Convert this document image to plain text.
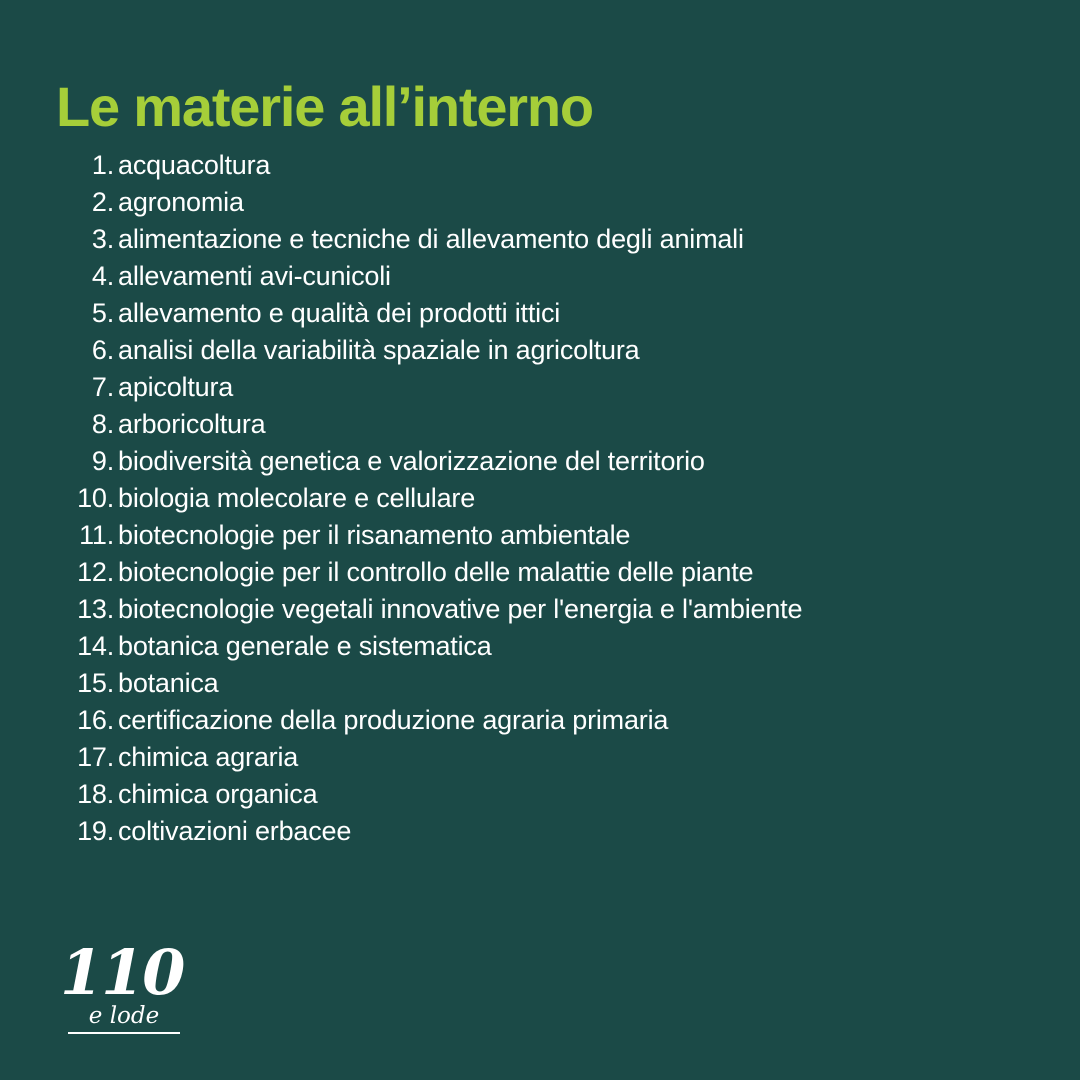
Le materie all’interno
1. acquacoltura
2. agronomia
3. alimentazione e tecniche di allevamento degli animali
4. allevamenti avi-cunicoli
5. allevamento e qualità dei prodotti ittici
6. analisi della variabilità spaziale in agricoltura
7. apicoltura
8. arboricoltura
9. biodiversità genetica e valorizzazione del territorio
10. biologia molecolare e cellulare
11. biotecnologie per il risanamento ambientale
12. biotecnologie per il controllo delle malattie delle piante
13. biotecnologie vegetali innovative per l'energia e l'ambiente
14. botanica generale e sistematica
15. botanica
16. certificazione della produzione agraria primaria
17. chimica agraria
18. chimica organica
19. coltivazioni erbacee
110
e lode
